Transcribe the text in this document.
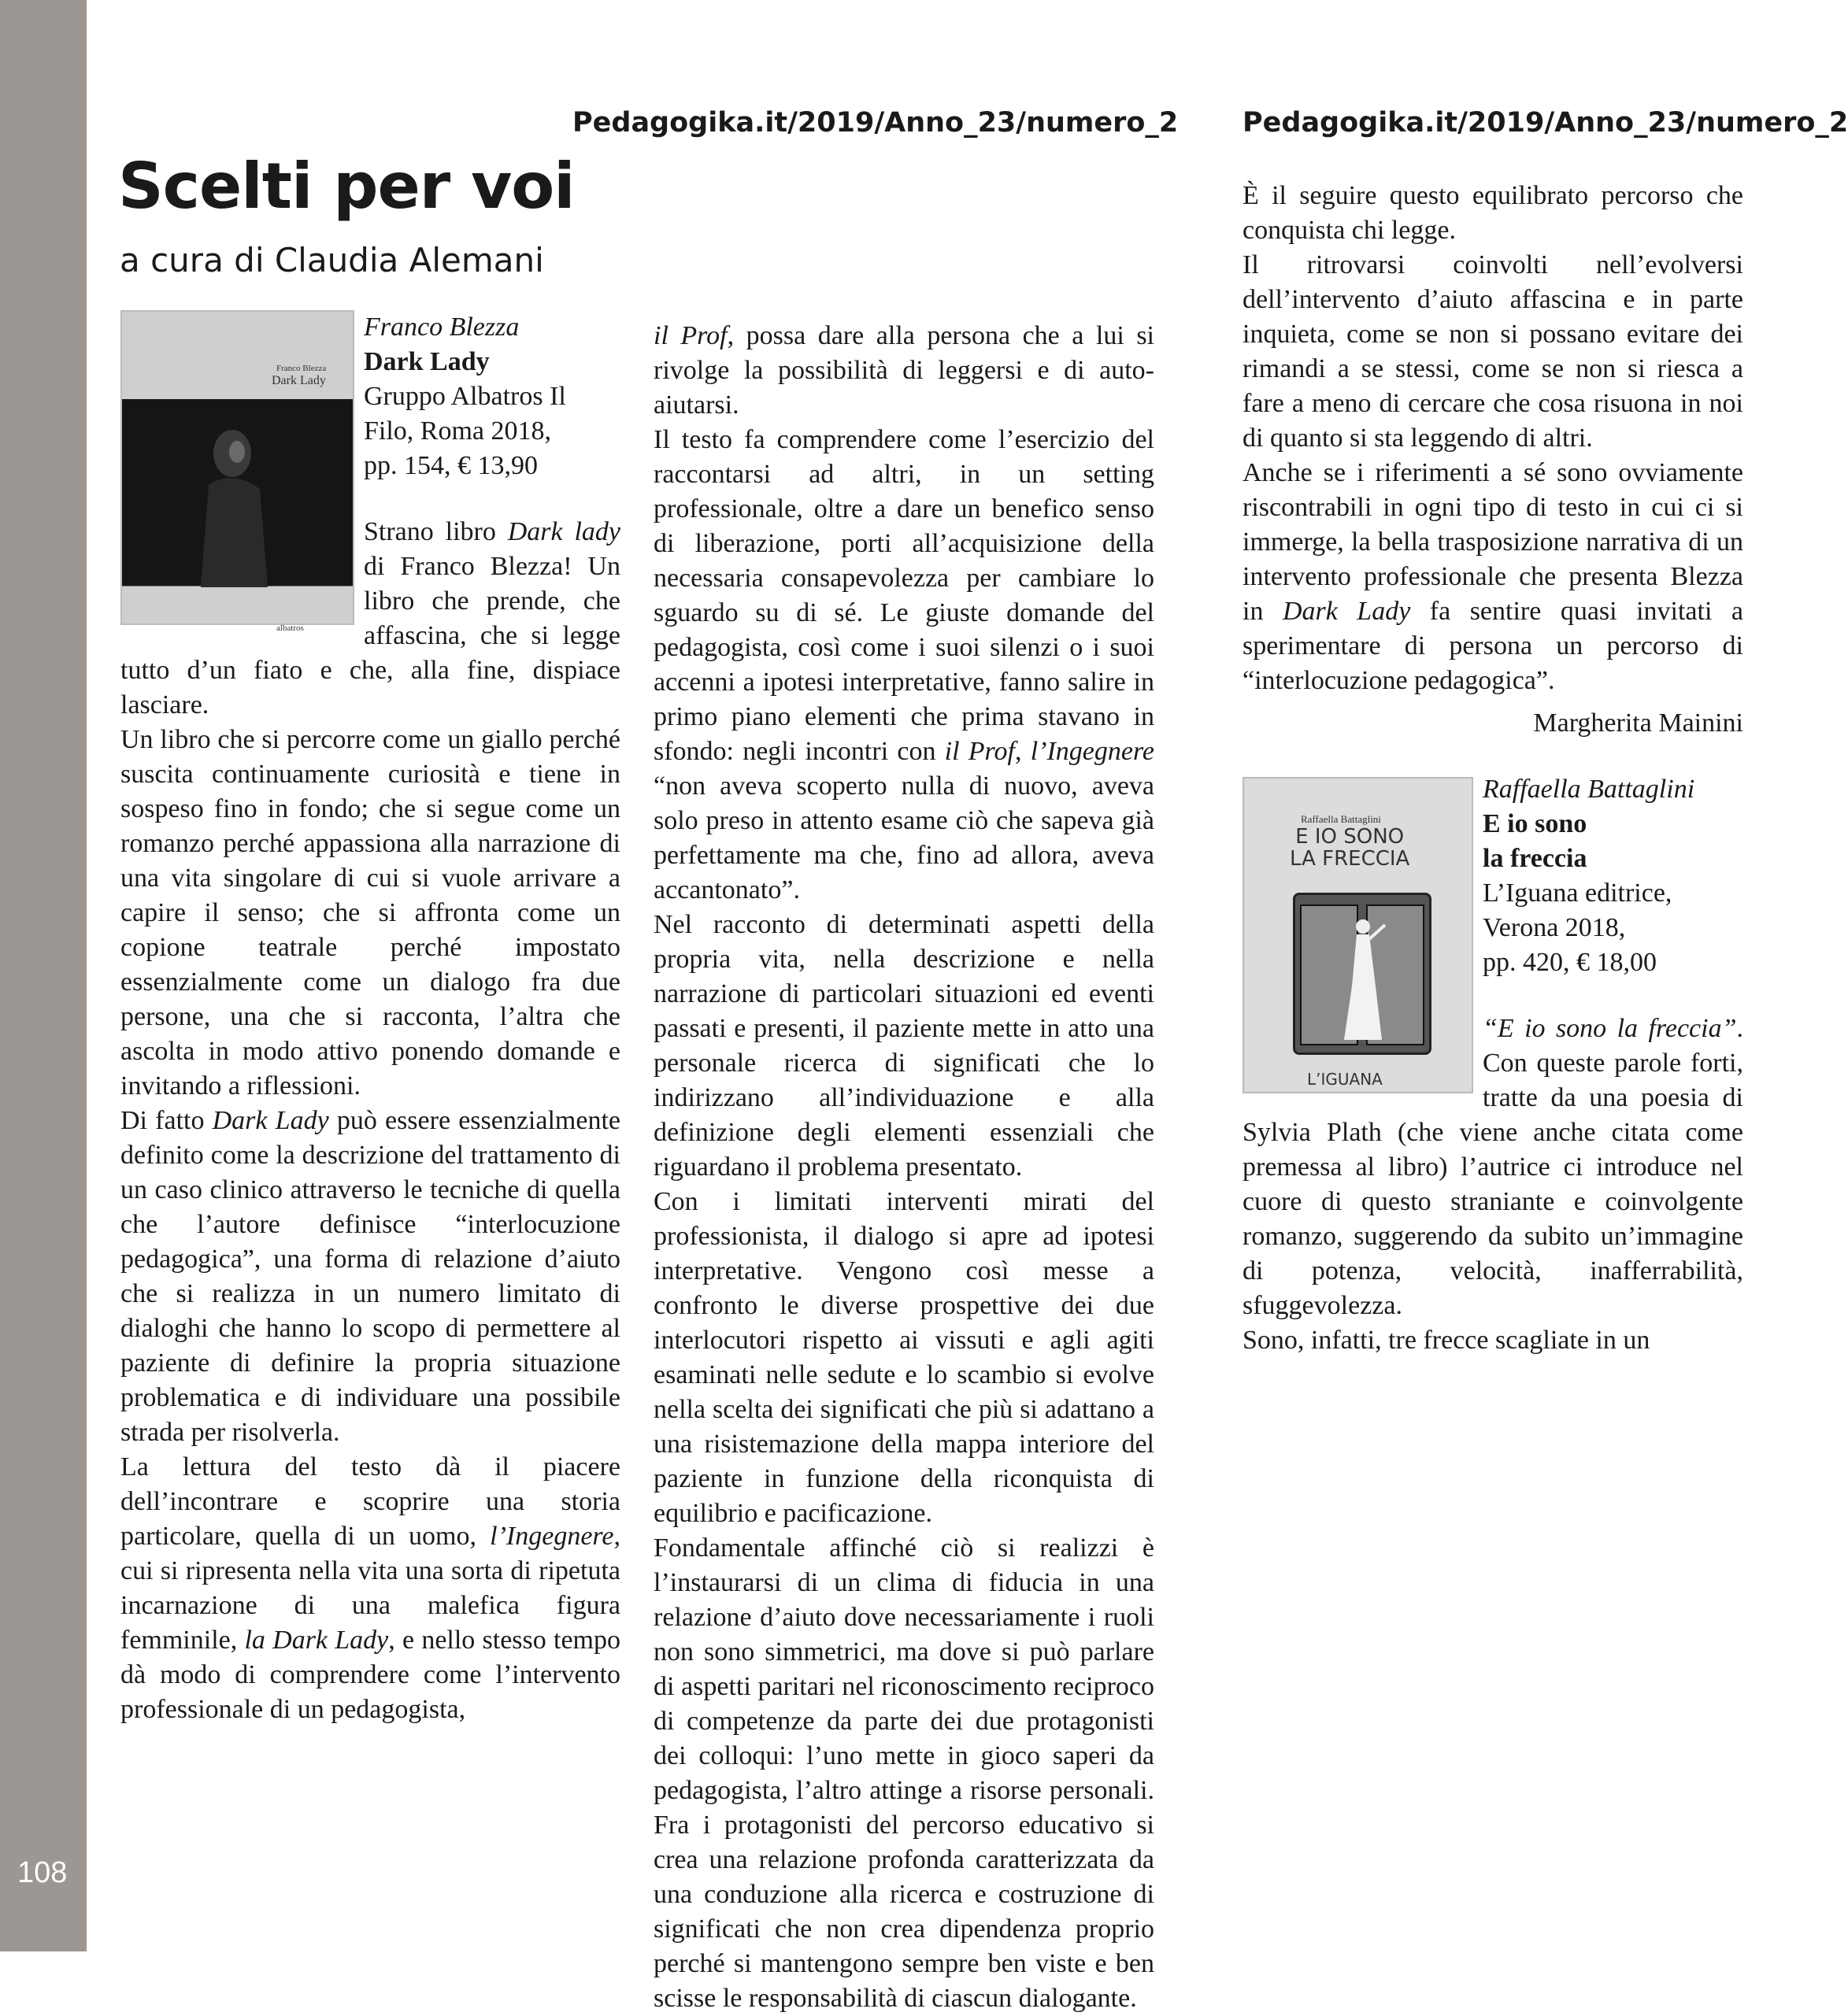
108
Pedagogika.it/2019/Anno_23/numero_2 Pedagogika.it/2019/Anno_23/numero_2
Scelti per voi
a cura di Claudia Alemani
Franco Blezza
Dark Lady
albatros
Franco Blezza
Dark Lady
Gruppo Albatros Il
Filo, Roma 2018,
pp. 154, € 13,90

Strano libro Dark lady di Franco Blezza! Un libro che prende, che affascina, che si legge tutto d’un fiato e che, alla fine, dispiace lasciare.

Un libro che si percorre come un giallo perché suscita continuamente curiosità e tiene in sospeso fino in fondo; che si segue come un romanzo perché appassiona alla narrazione di una vita singolare di cui si vuole arrivare a capire il senso; che si affronta come un copione teatrale perché impostato essenzialmente come un dialogo fra due persone, una che si racconta, l’altra che ascolta in modo attivo ponendo domande e invitando a riflessioni.

Di fatto Dark Lady può essere essenzialmente definito come la descrizione del trattamento di un caso clinico attraverso le tecniche di quella che l’autore definisce “interlocuzione pedagogica”, una forma di relazione d’aiuto che si realizza in un numero limitato di dialoghi che hanno lo scopo di permettere al paziente di definire la propria situazione problematica e di individuare una possibile strada per risolverla.

La lettura del testo dà il piacere dell’incontrare e scoprire una storia particolare, quella di un uomo, l’Ingegnere, cui si ripresenta nella vita una sorta di ripetuta incarnazione di una malefica figura femminile, la Dark Lady, e nello stesso tempo dà modo di comprendere come l’intervento professionale di un pedagogista,

il Prof, possa dare alla persona che a lui si rivolge la possibilità di leggersi e di auto-aiutarsi.

Il testo fa comprendere come l’esercizio del raccontarsi ad altri, in un setting professionale, oltre a dare un benefico senso di liberazione, porti all’acquisizione della necessaria consapevolezza per cambiare lo sguardo su di sé. Le giuste domande del pedagogista, così come i suoi silenzi o i suoi accenni a ipotesi interpretative, fanno salire in primo piano elementi che prima stavano in sfondo: negli incontri con il Prof, l’Ingegnere “non aveva scoperto nulla di nuovo, aveva solo preso in attento esame ciò che sapeva già perfettamente ma che, fino ad allora, aveva accantonato”.

Nel racconto di determinati aspetti della propria vita, nella descrizione e nella narrazione di particolari situazioni ed eventi passati e presenti, il paziente mette in atto una personale ricerca di significati che lo indirizzano all’individuazione e alla definizione degli elementi essenziali che riguardano il problema presentato.

Con i limitati interventi mirati del professionista, il dialogo si apre ad ipotesi interpretative. Vengono così messe a confronto le diverse prospettive dei due interlocutori rispetto ai vissuti e agli agiti esaminati nelle sedute e lo scambio si evolve nella scelta dei significati che più si adattano a una risistemazione della mappa interiore del paziente in funzione della riconquista di equilibrio e pacificazione.

Fondamentale affinché ciò si realizzi è l’instaurarsi di un clima di fiducia in una relazione d’aiuto dove necessariamente i ruoli non sono simmetrici, ma dove si può parlare di aspetti paritari nel riconoscimento reciproco di competenze da parte dei due protagonisti dei colloqui: l’uno mette in gioco saperi da pedagogista, l’altro attinge a risorse personali. Fra i protagonisti del percorso educativo si crea una relazione profonda caratterizzata da una conduzione alla ricerca e costruzione di significati che non crea dipendenza proprio perché si mantengono sempre ben viste e ben scisse le responsabilità di ciascun dialogante.

È il seguire questo equilibrato percorso che conquista chi legge.

Il ritrovarsi coinvolti nell’evolversi dell’intervento d’aiuto affascina e in parte inquieta, come se non si possano evitare dei rimandi a se stessi, come se non si riesca a fare a meno di cercare che cosa risuona in noi di quanto si sta leggendo di altri.

Anche se i riferimenti a sé sono ovviamente riscontrabili in ogni tipo di testo in cui ci si immerge, la bella trasposizione narrativa di un intervento professionale che presenta Blezza in Dark Lady fa sentire quasi invitati a sperimentare di persona un percorso di “interlocuzione pedagogica”.

Margherita Mainini
Raffaella Battaglini
E IO SONO
LA FRECCIA
L’IGUANA
Raffaella Battaglini
E io sono
la freccia
L’Iguana editrice,
Verona 2018,
pp. 420, € 18,00

“E io sono la freccia”. Con queste parole forti, tratte da una poesia di Sylvia Plath (che viene anche citata come premessa al libro) l’autrice ci introduce nel cuore di questo straniante e coinvolgente romanzo, suggerendo da subito un’immagine di potenza, velocità, inafferrabilità, sfuggevolezza.

Sono, infatti, tre frecce scagliate in un
